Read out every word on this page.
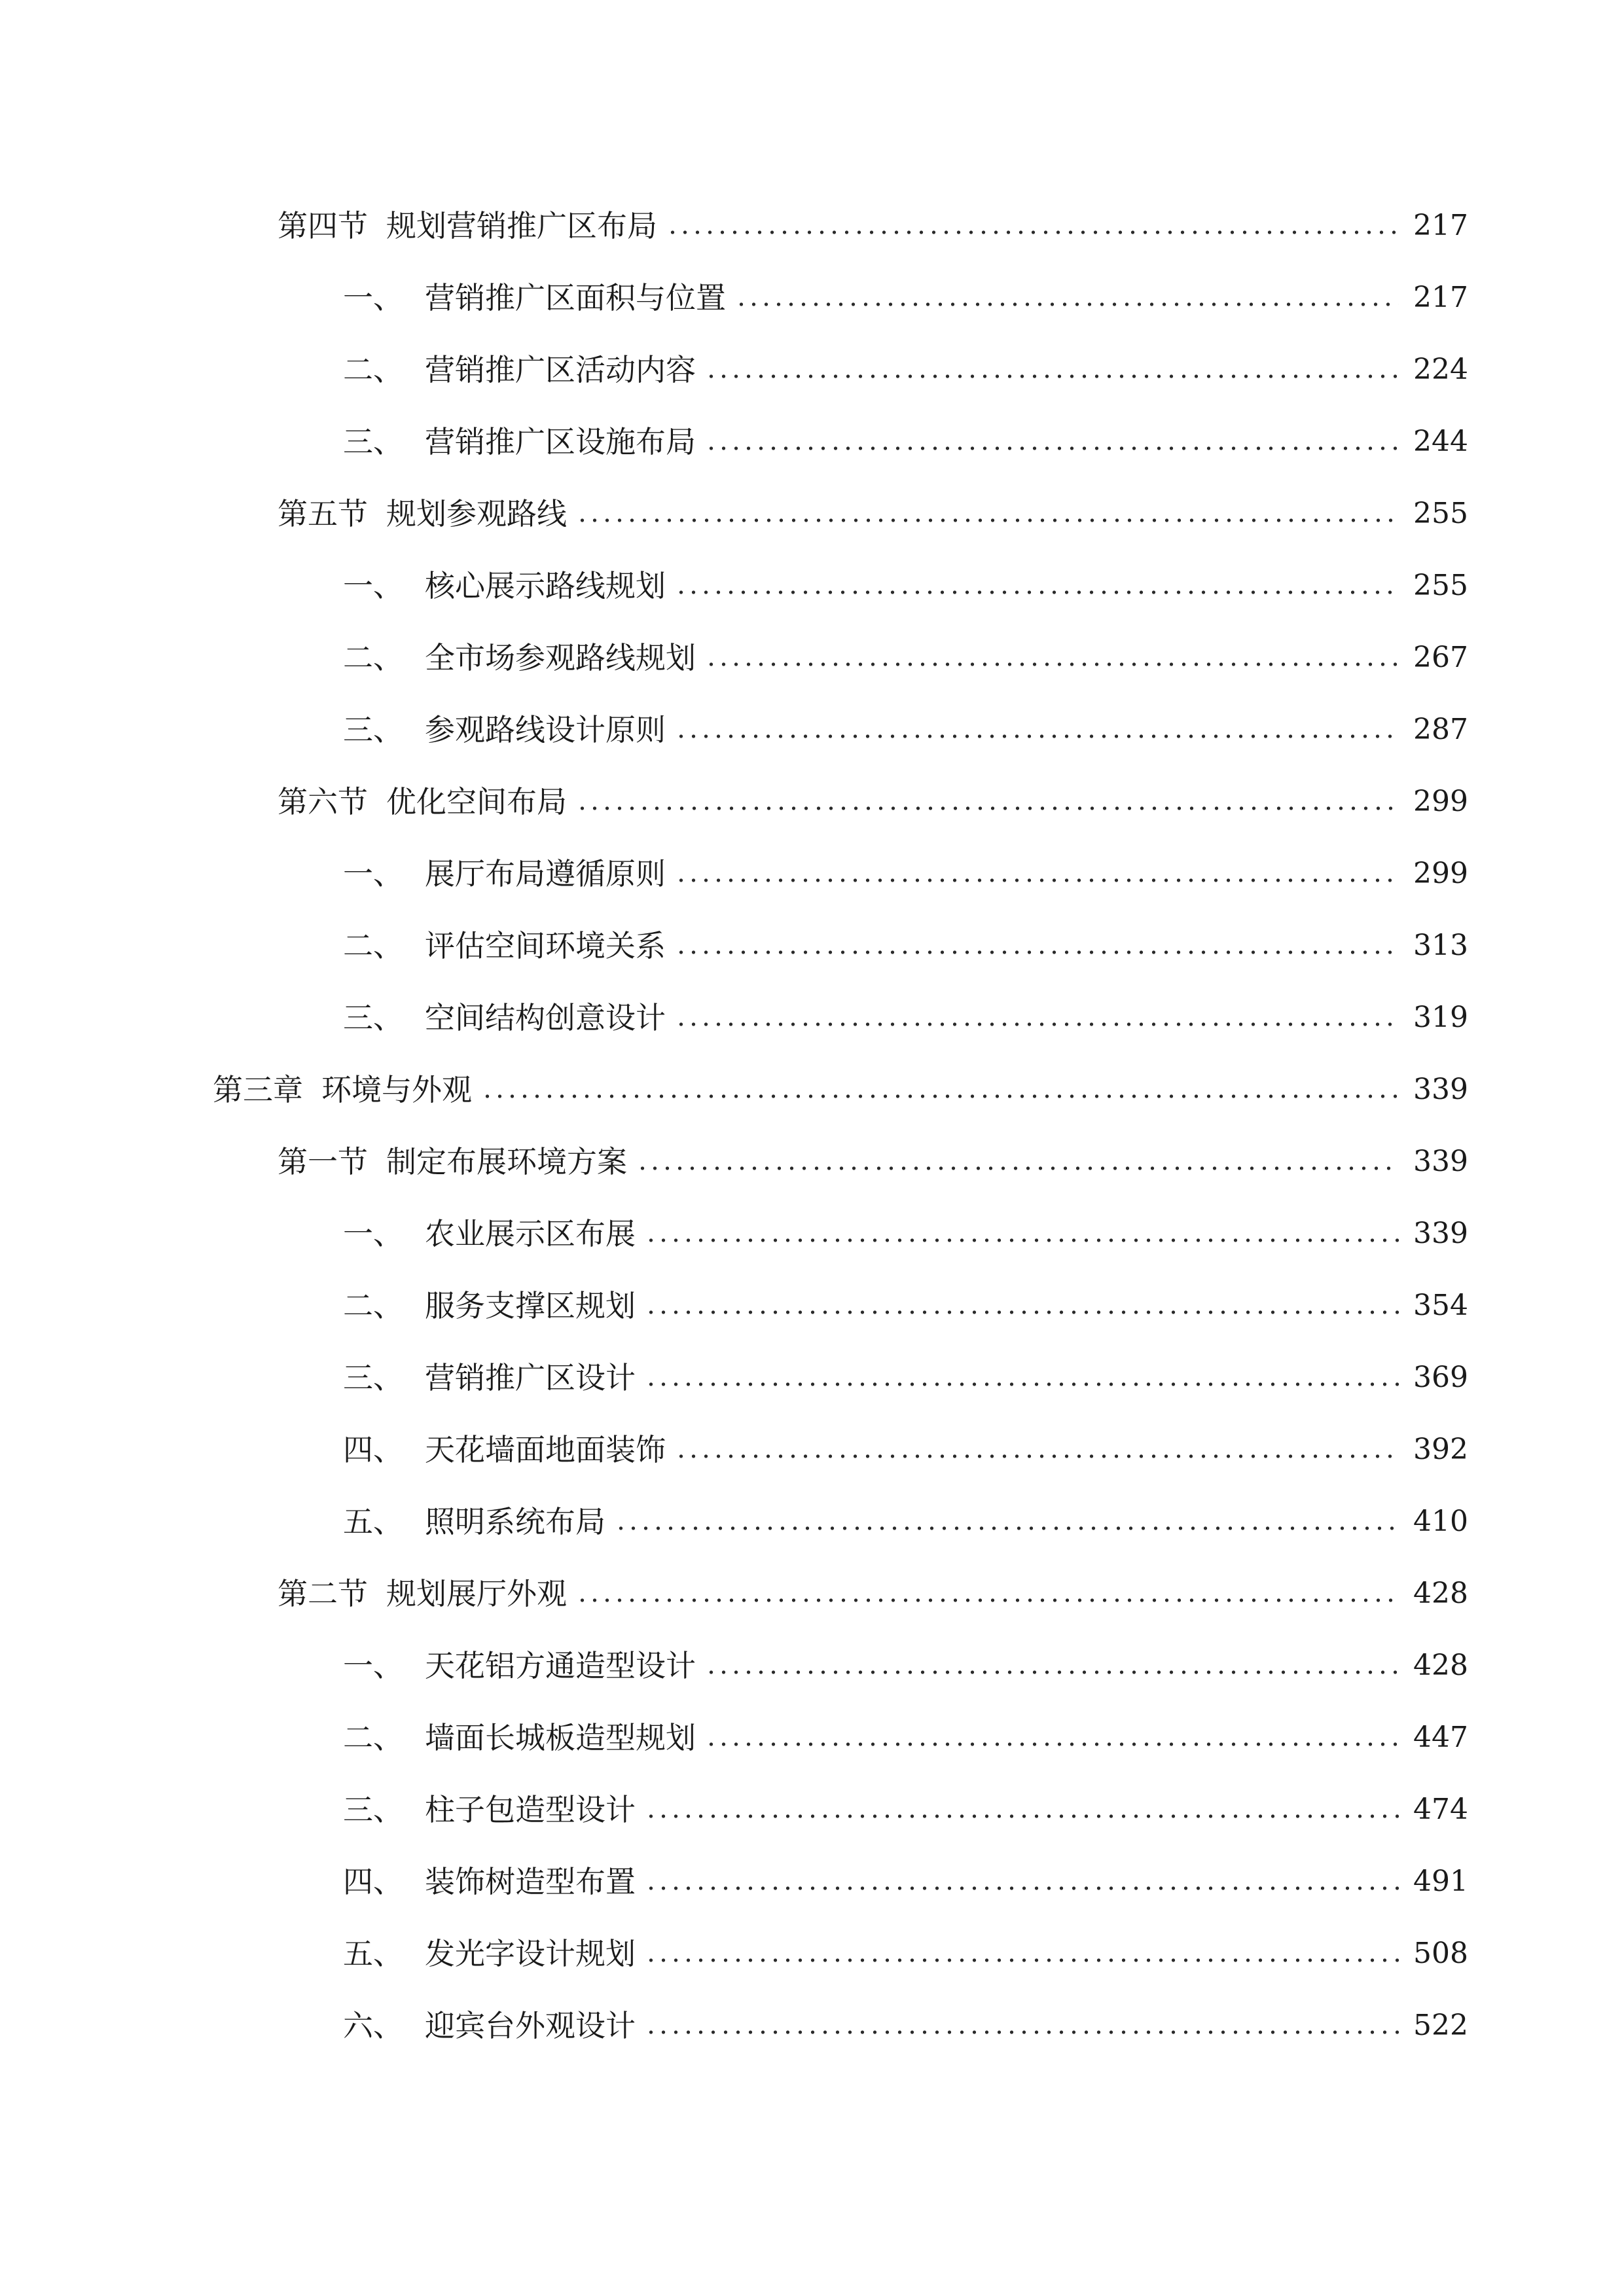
第四节 规划营销推广区布局	217
一、 营销推广区面积与位置	217
二、 营销推广区活动内容	224
三、 营销推广区设施布局	244
第五节 规划参观路线	255
一、 核心展示路线规划	255
二、 全市场参观路线规划	267
三、 参观路线设计原则	287
第六节 优化空间布局	299
一、 展厅布局遵循原则	299
二、 评估空间环境关系	313
三、 空间结构创意设计	319
第三章 环境与外观	339
第一节 制定布展环境方案	339
一、 农业展示区布展	339
二、 服务支撑区规划	354
三、 营销推广区设计	369
四、 天花墙面地面装饰	392
五、 照明系统布局	410
第二节 规划展厅外观	428
一、 天花铝方通造型设计	428
二、 墙面长城板造型规划	447
三、 柱子包造型设计	474
四、 装饰树造型布置	491
五、 发光字设计规划	508
六、 迎宾台外观设计	522
